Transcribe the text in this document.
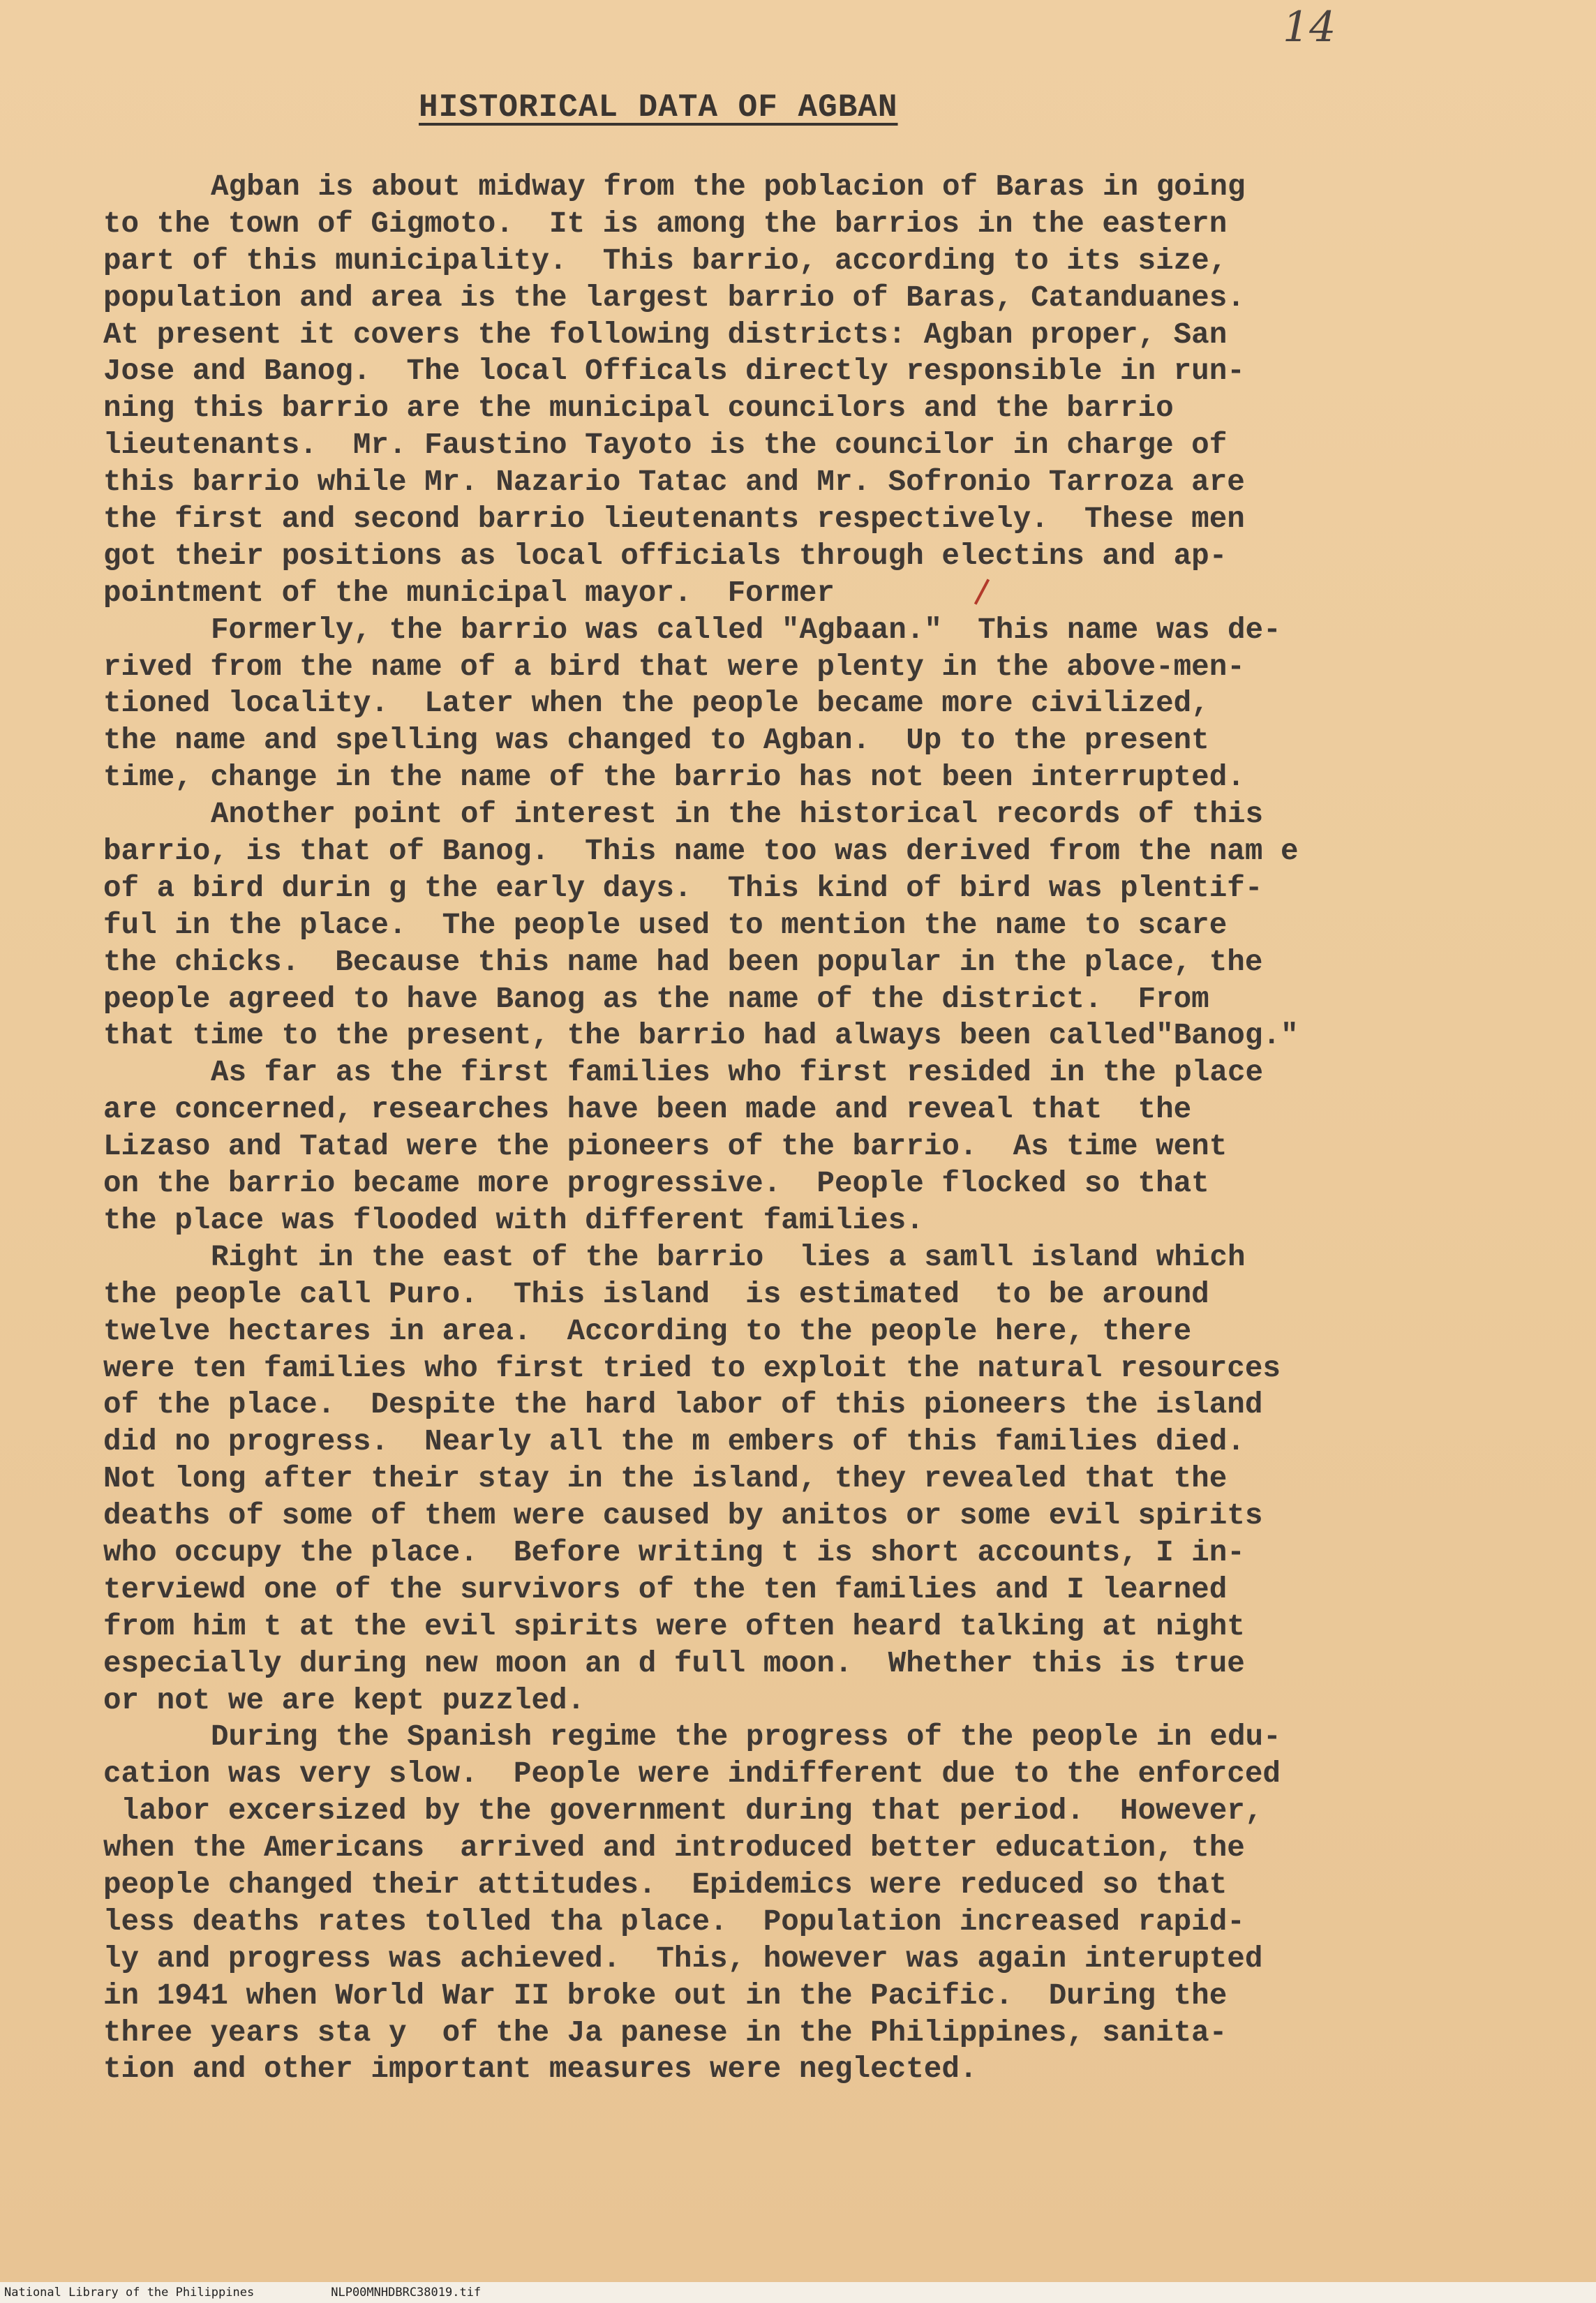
14
HISTORICAL DATA OF AGBAN
Agban is about midway from the poblacion of Baras in going
to the town of Gigmoto.  It is among the barrios in the eastern
part of this municipality.  This barrio, according to its size,
population and area is the largest barrio of Baras, Catanduanes.
At present it covers the following districts: Agban proper, San
Jose and Banog.  The local Officals directly responsible in run-
ning this barrio are the municipal councilors and the barrio
lieutenants.  Mr. Faustino Tayoto is the councilor in charge of
this barrio while Mr. Nazario Tatac and Mr. Sofronio Tarroza are
the first and second barrio lieutenants respectively.  These men
got their positions as local officials through electins and ap-
pointment of the municipal mayor.  Former
Formerly, the barrio was called "Agbaan."  This name was de-
rived from the name of a bird that were plenty in the above-men-
tioned locality.  Later when the people became more civilized,
the name and spelling was changed to Agban.  Up to the present
time, change in the name of the barrio has not been interrupted.
Another point of interest in the historical records of this
barrio, is that of Banog.  This name too was derived from the nam e
of a bird durin g the early days.  This kind of bird was plentif-
ful in the place.  The people used to mention the name to scare
the chicks.  Because this name had been popular in the place, the
people agreed to have Banog as the name of the district.  From
that time to the present, the barrio had always been called"Banog."
As far as the first families who first resided in the place
are concerned, researches have been made and reveal that  the
Lizaso and Tatad were the pioneers of the barrio.  As time went
on the barrio became more progressive.  People flocked so that
the place was flooded with different families.
Right in the east of the barrio  lies a samll island which
the people call Puro.  This island  is estimated  to be around
twelve hectares in area.  According to the people here, there
were ten families who first tried to exploit the natural resources
of the place.  Despite the hard labor of this pioneers the island
did no progress.  Nearly all the m embers of this families died.
Not long after their stay in the island, they revealed that the
deaths of some of them were caused by anitos or some evil spirits
who occupy the place.  Before writing t is short accounts, I in-
terviewd one of the survivors of the ten families and I learned
from him t at the evil spirits were often heard talking at night
especially during new moon an d full moon.  Whether this is true
or not we are kept puzzled.
During the Spanish regime the progress of the people in edu-
cation was very slow.  People were indifferent due to the enforced
labor excersized by the government during that period.  However,
when the Americans  arrived and introduced better education, the
people changed their attitudes.  Epidemics were reduced so that
less deaths rates tolled tha place.  Population increased rapid-
ly and progress was achieved.  This, however was again interupted
in 1941 when World War II broke out in the Pacific.  During the
three years sta y  of the Ja panese in the Philippines, sanita-
tion and other important measures were neglected.
National Library of the Philippines	NLP00MNHDBRC38019.tif
